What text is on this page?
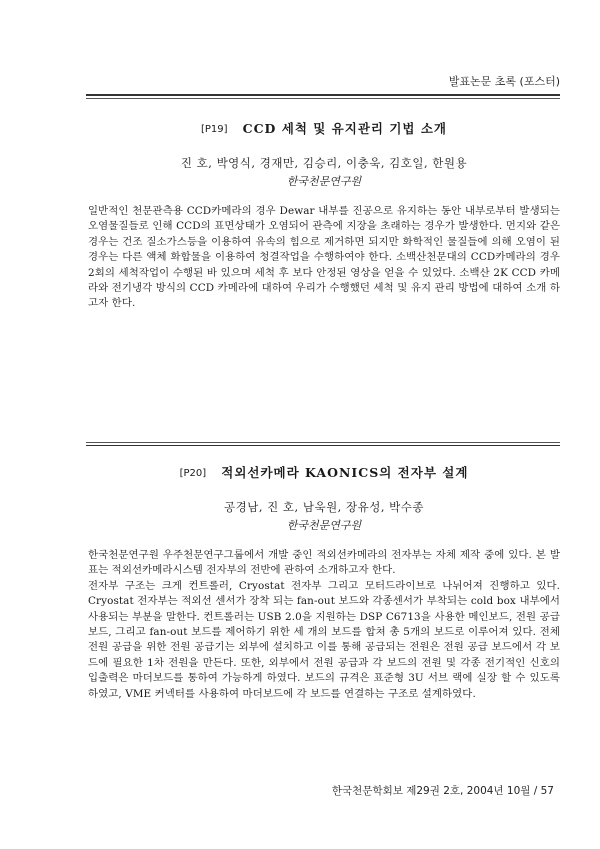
발표논문 초록 (포스터)
[P19] CCD 세척 및 유지관리 기법 소개
진 호, 박영식, 경재만, 김승리, 이충욱, 김호일, 한원용
한국천문연구원

일반적인 천문관측용 CCD카메라의 경우 Dewar 내부를 진공으로 유지하는 동안 내부로부터 발생되는 오염물질들로 인해 CCD의 표면상태가 오염되어 관측에 지장을 초래하는 경우가 발생한다. 먼지와 같은 경우는 건조 질소가스등을 이용하여 유속의 힘으로 제거하면 되지만 화학적인 물질들에 의해 오염이 된 경우는 다른 액체 화합물을 이용하여 청결작업을 수행하여야 한다. 소백산천문대의 CCD카메라의 경우 2회의 세척작업이 수행된 바 있으며 세척 후 보다 안정된 영상을 얻을 수 있었다. 소백산 2K CCD 카메라와 전기냉각 방식의 CCD 카메라에 대하여 우리가 수행했던 세척 및 유지 관리 방법에 대하여 소개 하고자 한다.

[P20] 적외선카메라 KAONICS의 전자부 설계
공경남, 진 호, 남욱원, 장유성, 박수종
한국천문연구원

한국천문연구원 우주천문연구그룹에서 개발 중인 적외선카메라의 전자부는 자체 제작 중에 있다. 본 발표는 적외선카메라시스템 전자부의 전반에 관하여 소개하고자 한다.

전자부 구조는 크게 컨트롤러, Cryostat 전자부 그리고 모터드라이브로 나뉘어져 진행하고 있다. Cryostat 전자부는 적외선 센서가 장착 되는 fan-out 보드와 각종센서가 부착되는 cold box 내부에서 사용되는 부분을 말한다. 컨트롤러는 USB 2.0을 지원하는 DSP C6713을 사용한 메인보드, 전원 공급 보드, 그리고 fan-out 보드를 제어하기 위한 세 개의 보드를 합쳐 총 5개의 보드로 이루어져 있다. 전체 전원 공급을 위한 전원 공급기는 외부에 설치하고 이를 통해 공급되는 전원은 전원 공급 보드에서 각 보드에 필요한 1차 전원을 만든다. 또한, 외부에서 전원 공급과 각 보드의 전원 및 각종 전기적인 신호의 입출력은 마더보드를 통하여 가능하게 하였다. 보드의 규격은 표준형 3U 서브 랙에 실장 할 수 있도록 하였고, VME 커넥터를 사용하여 마더보드에 각 보드를 연결하는 구조로 설계하였다.

한국천문학회보 제29권 2호, 2004년 10월 / 57
